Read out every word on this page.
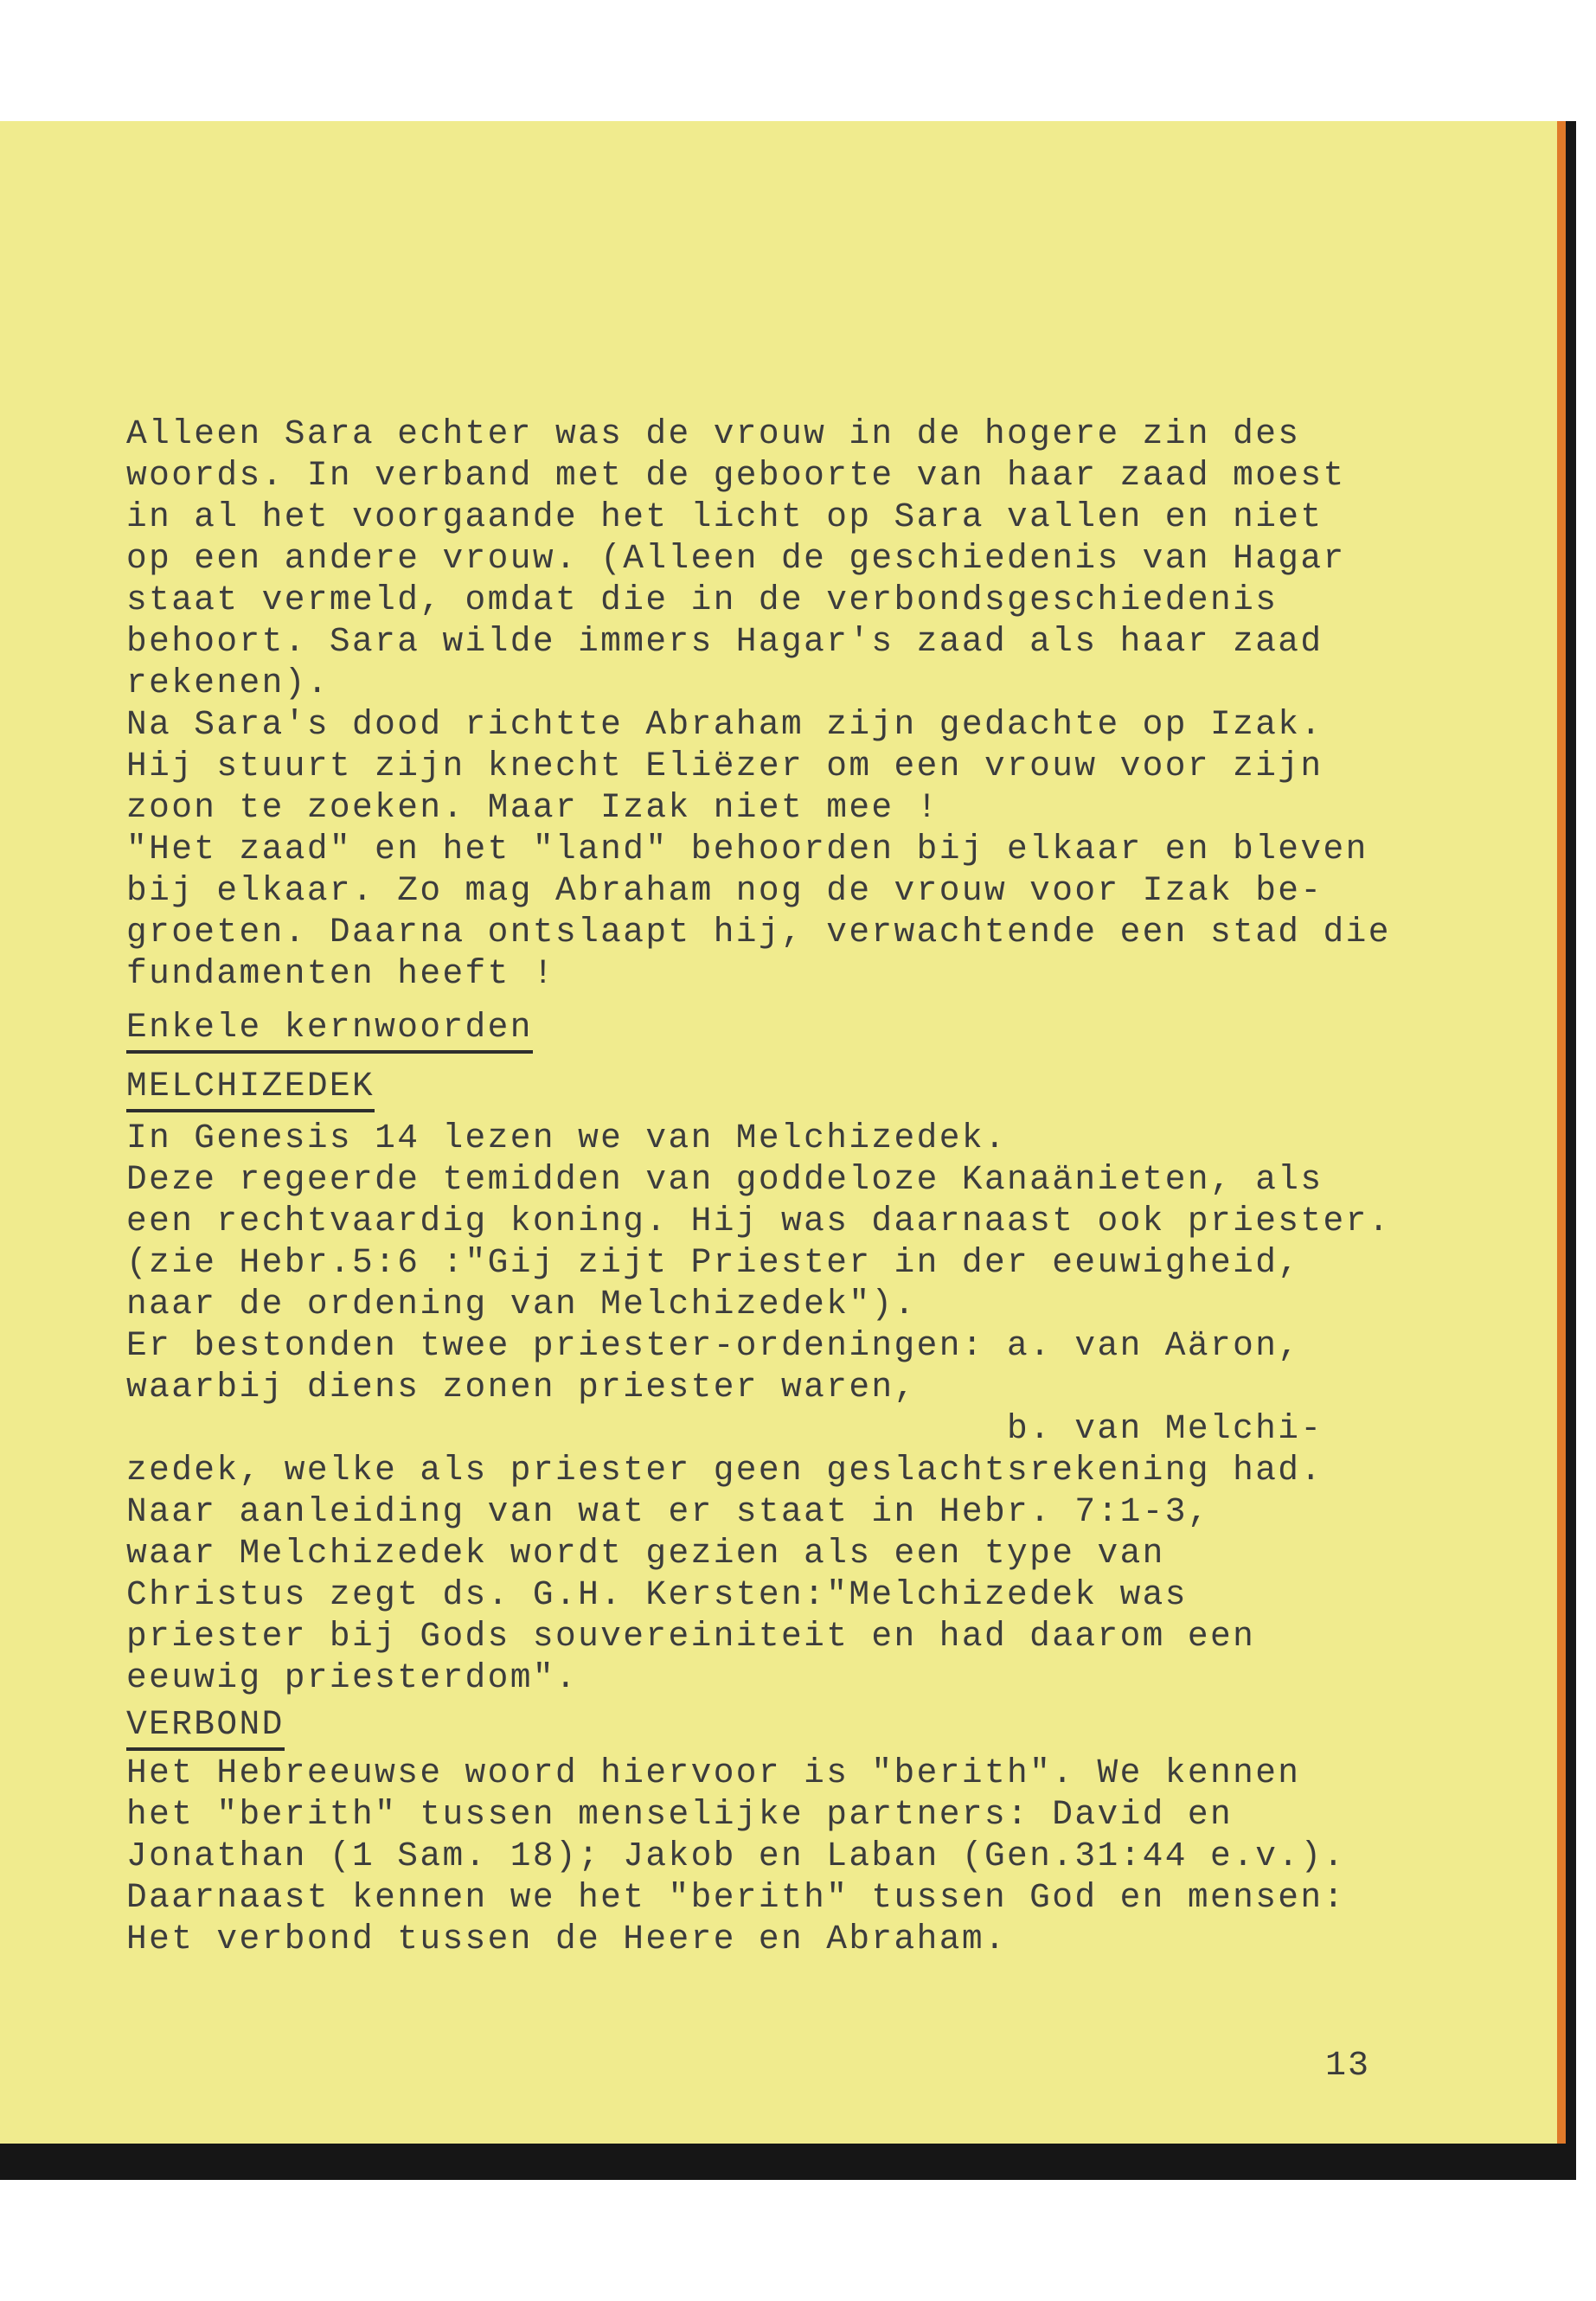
Alleen Sara echter was de vrouw in de hogere zin des
woords. In verband met de geboorte van haar zaad moest
in al het voorgaande het licht op Sara vallen en niet
op een andere vrouw. (Alleen de geschiedenis van Hagar
staat vermeld, omdat die in de verbondsgeschiedenis
behoort. Sara wilde immers Hagar's zaad als haar zaad
rekenen).
Na Sara's dood richtte Abraham zijn gedachte op Izak.
Hij stuurt zijn knecht Eliëzer om een vrouw voor zijn
zoon te zoeken. Maar Izak niet mee !
"Het zaad" en het "land" behoorden bij elkaar en bleven
bij elkaar. Zo mag Abraham nog de vrouw voor Izak be-
groeten. Daarna ontslaapt hij, verwachtende een stad die
fundamenten heeft !
Enkele kernwoorden
MELCHIZEDEK
In Genesis 14 lezen we van Melchizedek.
Deze regeerde temidden van goddeloze Kanaänieten, als
een rechtvaardig koning. Hij was daarnaast ook priester.
(zie Hebr.5:6 :"Gij zijt Priester in der eeuwigheid,
naar de ordening van Melchizedek").
Er bestonden twee priester-ordeningen: a. van Aäron,
waarbij diens zonen priester waren,
b. van Melchi-
zedek, welke als priester geen geslachtsrekening had.
Naar aanleiding van wat er staat in Hebr. 7:1-3,
waar Melchizedek wordt gezien als een type van
Christus zegt ds. G.H. Kersten:"Melchizedek was
priester bij Gods souvereiniteit en had daarom een
eeuwig priesterdom".
VERBOND
Het Hebreeuwse woord hiervoor is "berith". We kennen
het "berith" tussen menselijke partners: David en
Jonathan (1 Sam. 18); Jakob en Laban (Gen.31:44 e.v.).
Daarnaast kennen we het "berith" tussen God en mensen:
Het verbond tussen de Heere en Abraham.
13
